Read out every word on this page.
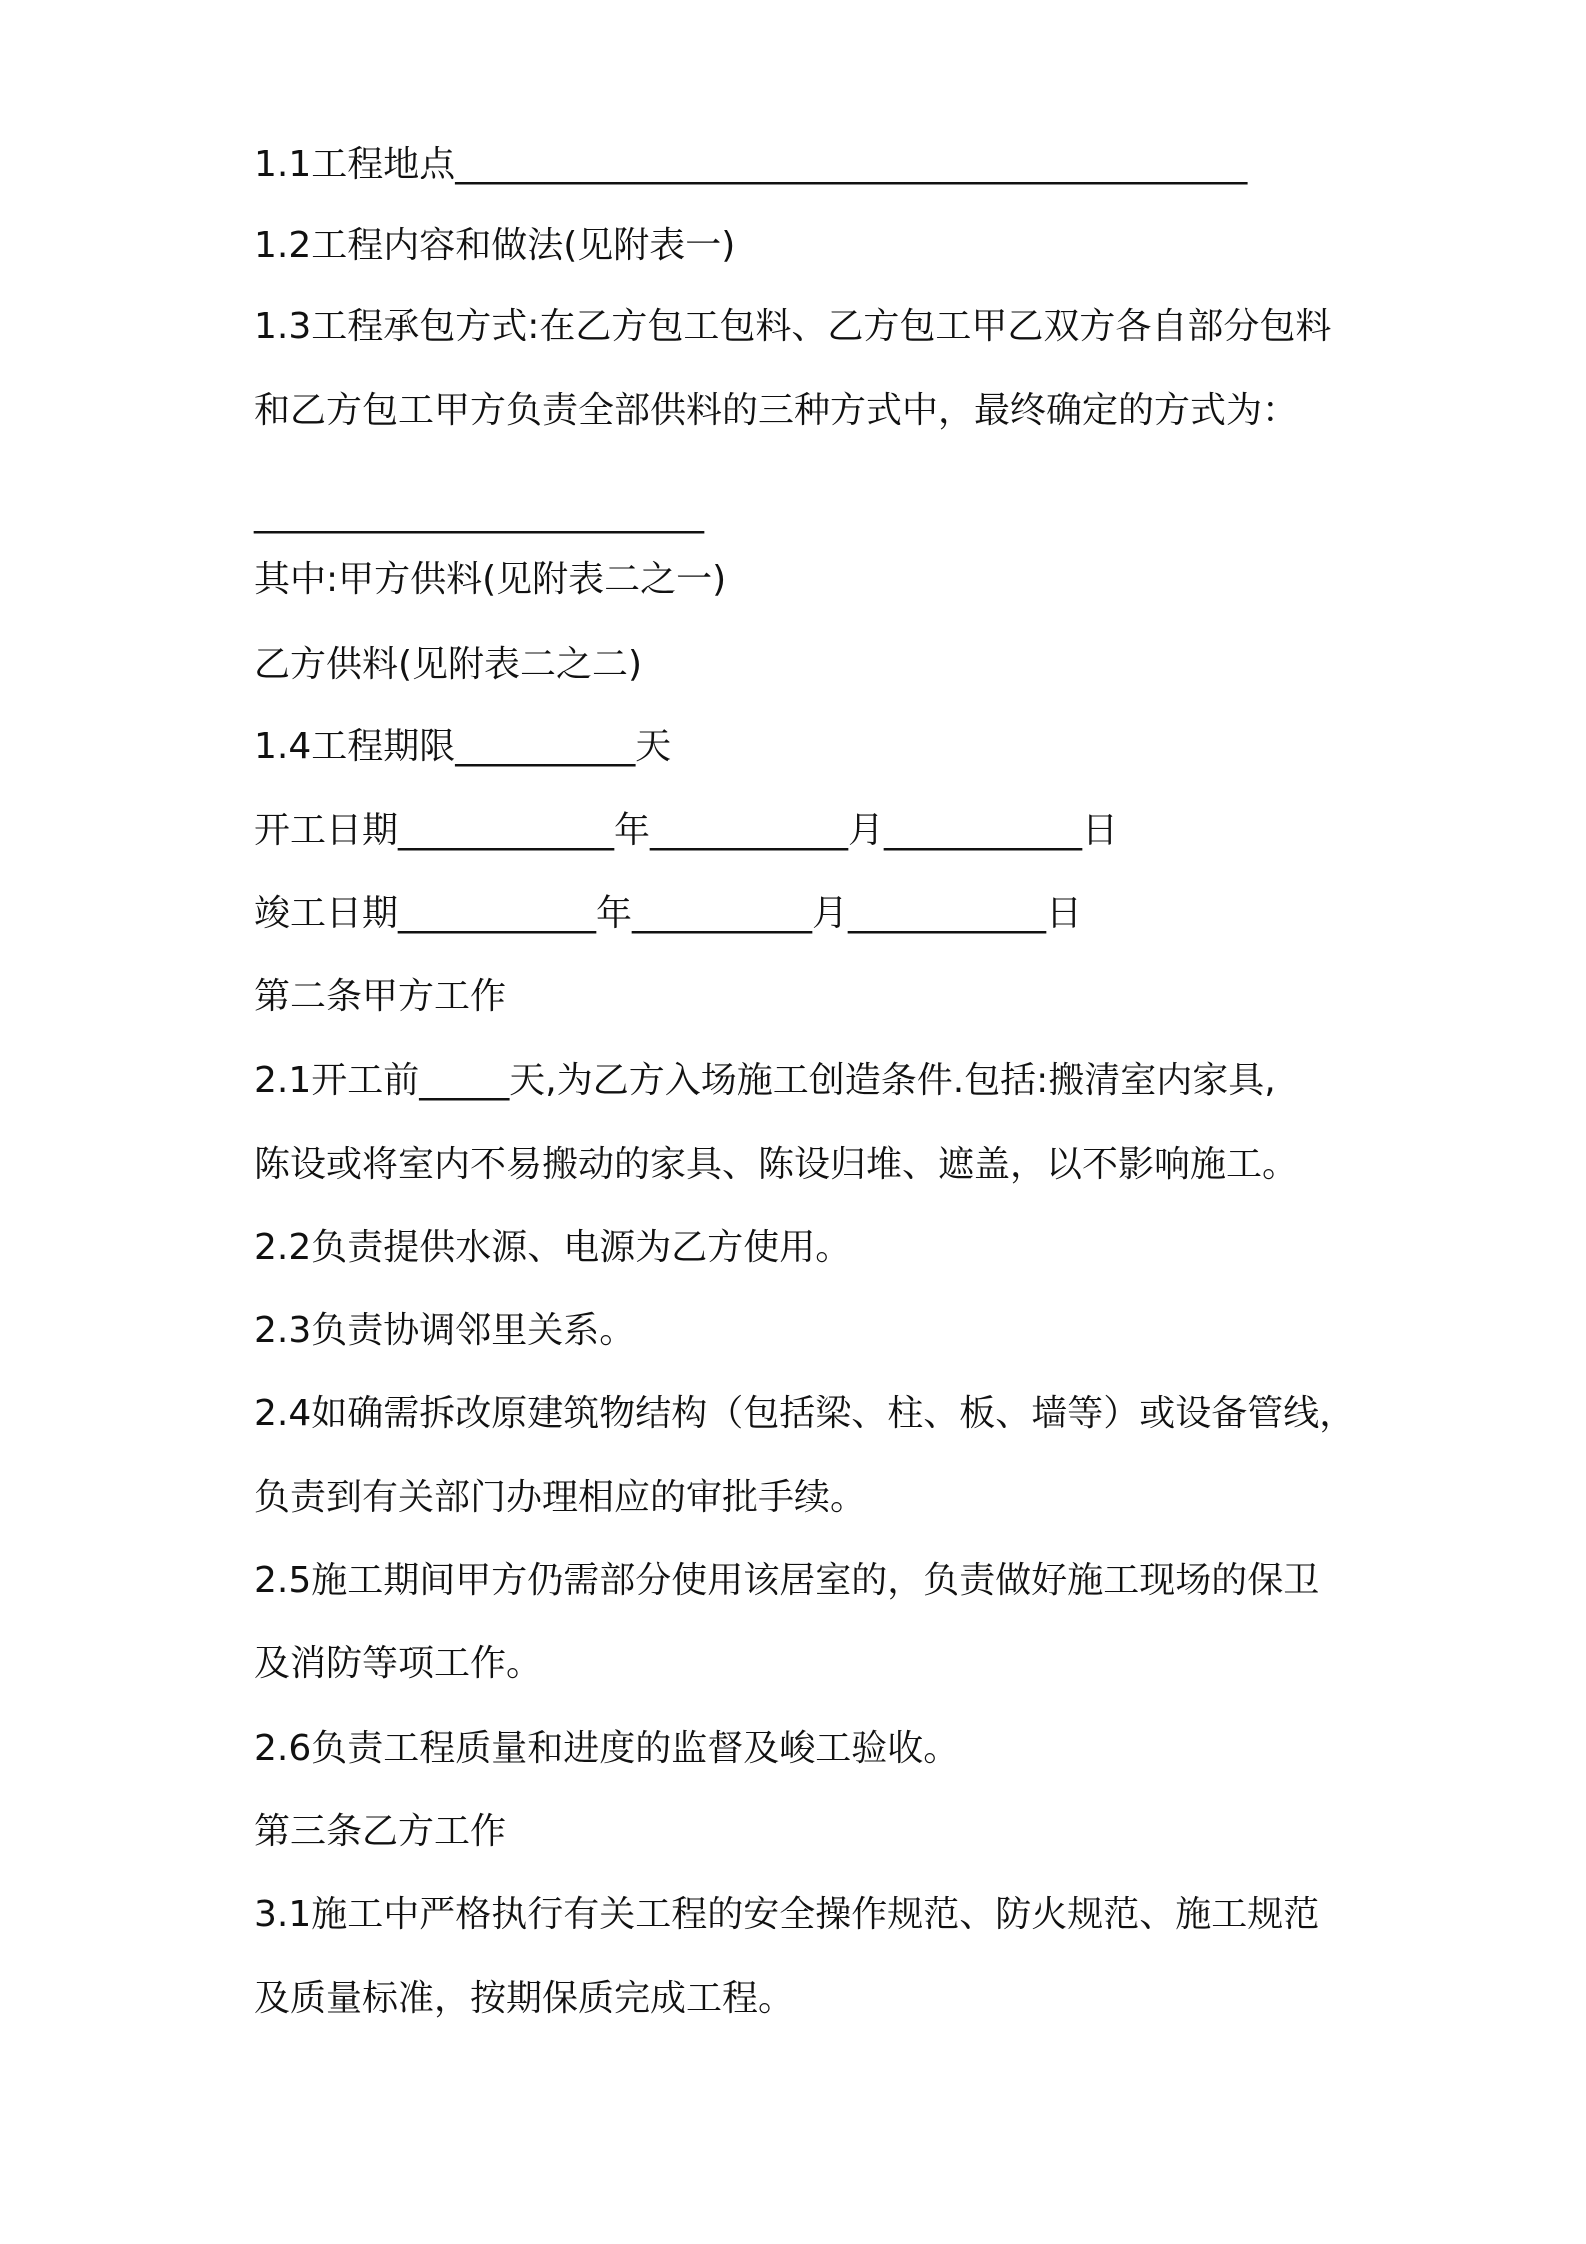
1.1工程地点____________________________________________
1.2工程内容和做法(见附表一)
1.3工程承包方式:在乙方包工包料、乙方包工甲乙双方各自部分包料
和乙方包工甲方负责全部供料的三种方式中，最终确定的方式为：
_________________________
其中:甲方供料(见附表二之一)
乙方供料(见附表二之二)
1.4工程期限__________天
开工日期____________年___________月___________日
竣工日期___________年__________月___________日
第二条甲方工作
2.1开工前_____天,为乙方入场施工创造条件.包括:搬清室内家具,
陈设或将室内不易搬动的家具、陈设归堆、遮盖，以不影响施工。
2.2负责提供水源、电源为乙方使用。
2.3负责协调邻里关系。
2.4如确需拆改原建筑物结构（包括梁、柱、板、墙等）或设备管线，
负责到有关部门办理相应的审批手续。
2.5施工期间甲方仍需部分使用该居室的，负责做好施工现场的保卫
及消防等项工作。
2.6负责工程质量和进度的监督及峻工验收。
第三条乙方工作
3.1施工中严格执行有关工程的安全操作规范、防火规范、施工规范
及质量标准，按期保质完成工程。
